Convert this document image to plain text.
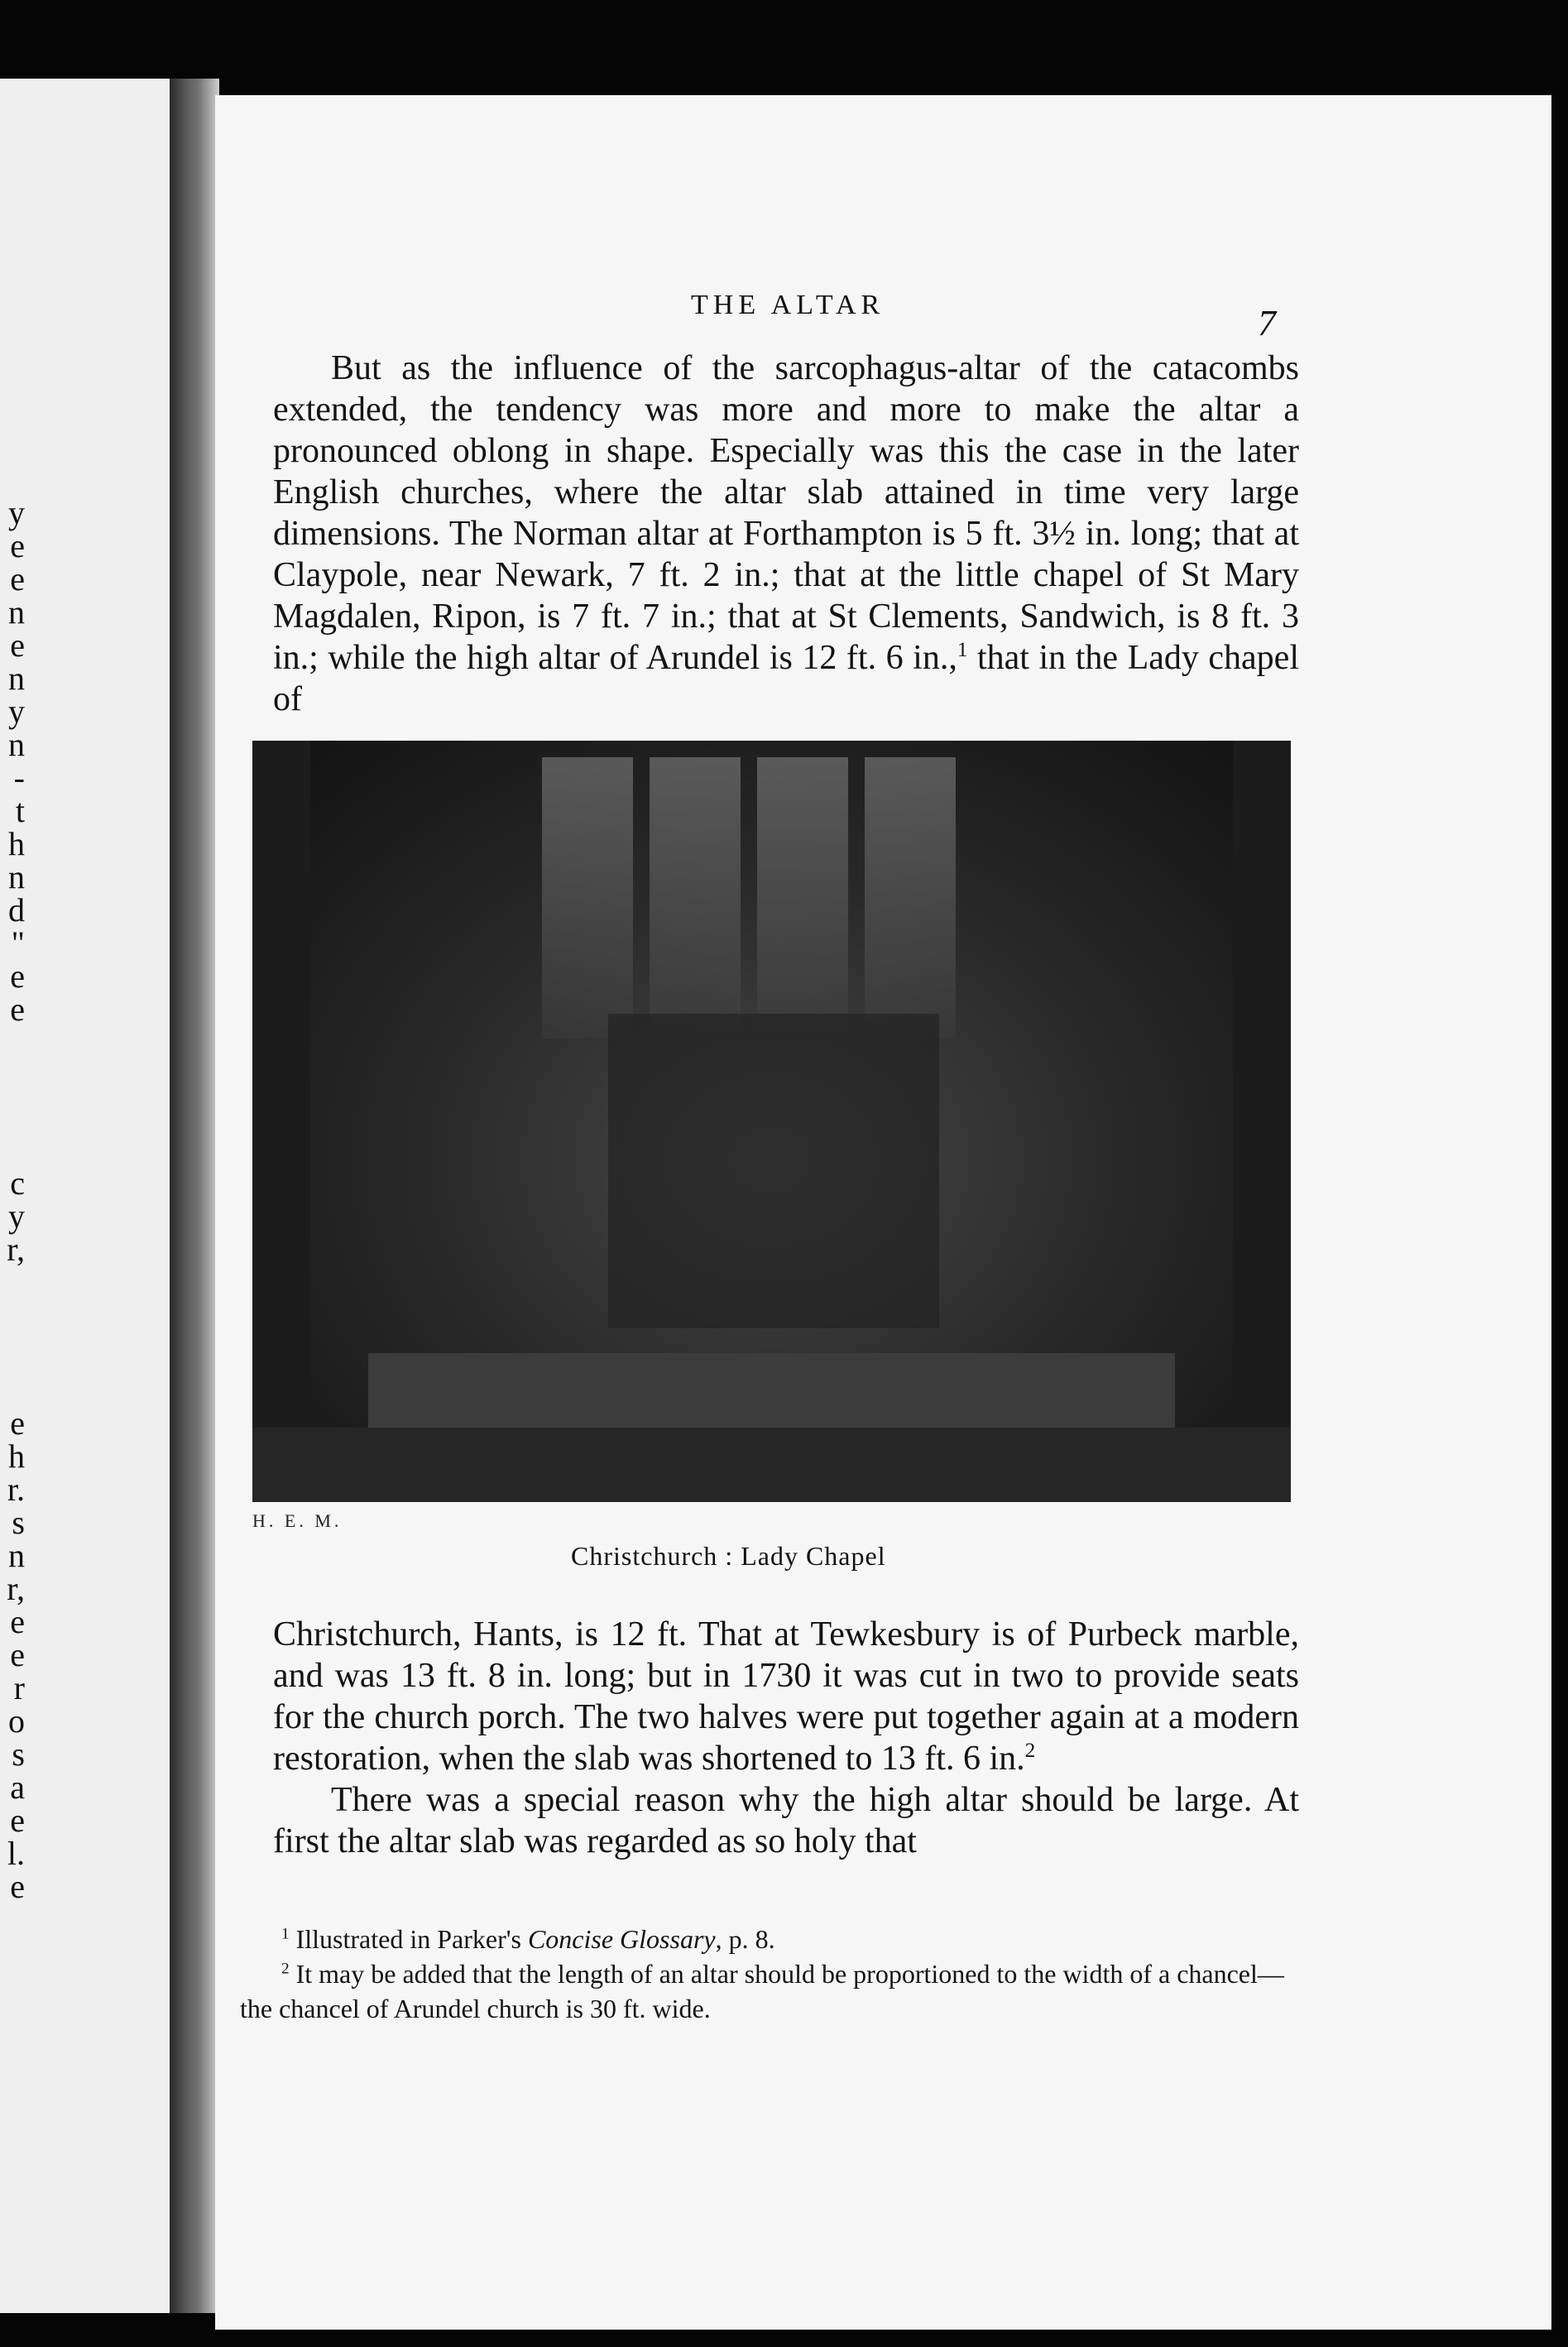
y
e
e
n
e
n
y
n
-
t
h
n
d
"
e
e
c
y
r,
e
h
r.
s
n
r,
e
e
r
o
s
a
e
l.
e
THE ALTAR	7

But as the influence of the sarcophagus-altar of the catacombs extended, the tendency was more and more to make the altar a pronounced oblong in shape. Especially was this the case in the later English churches, where the altar slab attained in time very large dimensions. The Norman altar at Forthampton is 5 ft. 3½ in. long; that at Claypole, near Newark, 7 ft. 2 in.; that at the little chapel of St Mary Magdalen, Ripon, is 7 ft. 7 in.; that at St Clements, Sandwich, is 8 ft. 3 in.; while the high altar of Arundel is 12 ft. 6 in.,$^1$ that in the Lady chapel of

H. E. M.
Christchurch : Lady Chapel

Christchurch, Hants, is 12 ft. That at Tewkesbury is of Purbeck marble, and was 13 ft. 8 in. long; but in 1730 it was cut in two to provide seats for the church porch. The two halves were put together again at a modern restoration, when the slab was shortened to 13 ft. 6 in.$^2$

There was a special reason why the high altar should be large. At first the altar slab was regarded as so holy that

$^1$ Illustrated in Parker's Concise Glossary, p. 8.

$^2$ It may be added that the length of an altar should be proportioned to the width of a chancel—the chancel of Arundel church is 30 ft. wide.
